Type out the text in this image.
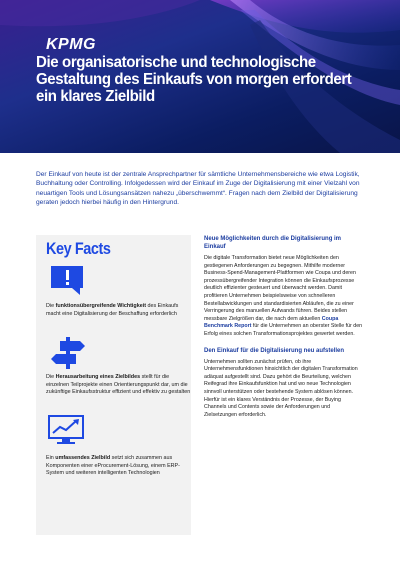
KPMG
Die organisatorische und technologische Gestaltung des Einkaufs von morgen erfordert ein klares Zielbild
Der Einkauf von heute ist der zentrale Ansprechpartner für sämtliche Unternehmensbereiche wie etwa Logistik, Buchhaltung oder Controlling. Infolgedessen wird der Einkauf im Zuge der Digitalisierung mit einer Vielzahl von neuartigen Tools und Lösungsansätzen nahezu „überschwemmt“. Fragen nach dem Zielbild der Digitalisierung geraten jedoch hierbei häufig in den Hintergrund.
Key Facts
Die funktionsübergreifende Wichtigkeit des Einkaufs macht eine Digitalisierung der Beschaffung erforderlich
Die Herausarbeitung eines Zielbildes stellt für die einzelnen Teilprojekte einen Orientierungspunkt dar, um die zukünftige Einkaufsstruktur effizient und effektiv zu gestalten
Ein umfassendes Zielbild setzt sich zusammen aus Komponenten einer eProcurement-Lösung, einem ERP-System und weiteren intelligenten Technologien

Neue Möglichkeiten durch die Digitalisierung im Einkauf

Die digitale Transformation bietet neue Möglichkeiten den gestiegenen Anforderungen zu begegnen. Mithilfe moderner Business-Spend-Management-Plattformen wie Coupa und deren prozessübergreifender Integration können die Einkaufsprozesse deutlich effizienter gesteuert und überwacht werden. Damit profitieren Unternehmen beispielsweise von schnelleren Bestellabwicklungen und standardisierten Abläufen, die zu einer Verringerung des manuellen Aufwands führen. Beides stellen messbare Zielgrößen dar, die nach dem aktuellen Coupa Benchmark Report für die Unternehmen an oberster Stelle für den Erfolg eines solchen Transformationsprojektes gewertet werden.

Den Einkauf für die Digitalisierung neu aufstellen

Unternehmen sollten zunächst prüfen, ob ihre Unternehmensfunktionen hinsichtlich der digitalen Transformation adäquat aufgestellt sind. Dazu gehört die Beurteilung, welchen Reifegrad ihre Einkaufsfunktion hat und wo neue Technologien sinnvoll unterstützen oder bestehende System ablösen können. Hierfür ist ein klares Verständnis der Prozesse, der Buying Channels und Contents sowie der Anforderungen und Zielsetzungen erforderlich.
